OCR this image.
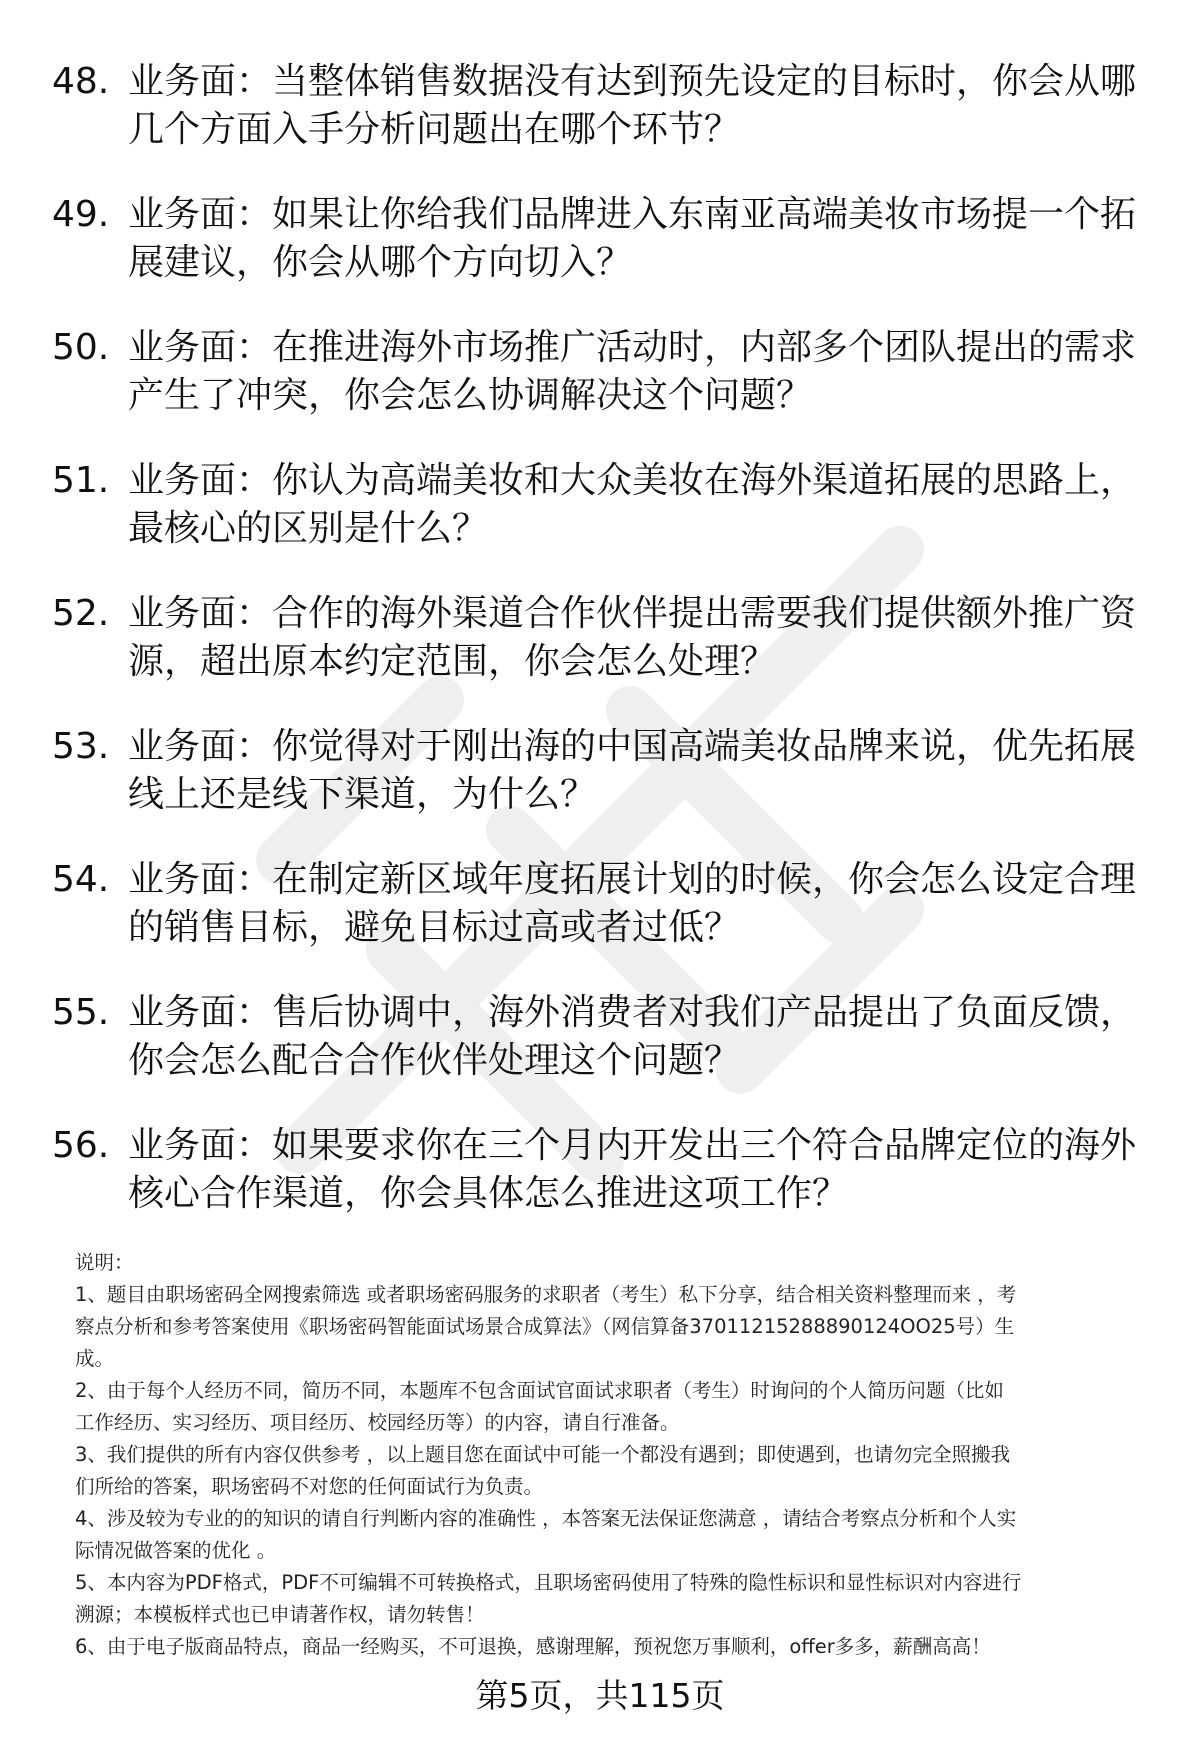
48. 业务面：当整体销售数据没有达到预先设定的目标时，你会从哪
几个方面入手分析问题出在哪个环节？
49. 业务面：如果让你给我们品牌进入东南亚高端美妆市场提一个拓
展建议，你会从哪个方向切入？
50. 业务面：在推进海外市场推广活动时，内部多个团队提出的需求
产生了冲突，你会怎么协调解决这个问题？
51. 业务面：你认为高端美妆和大众美妆在海外渠道拓展的思路上，
最核心的区别是什么？
52. 业务面：合作的海外渠道合作伙伴提出需要我们提供额外推广资
源，超出原本约定范围，你会怎么处理？
53. 业务面：你觉得对于刚出海的中国高端美妆品牌来说，优先拓展
线上还是线下渠道，为什么？
54. 业务面：在制定新区域年度拓展计划的时候，你会怎么设定合理
的销售目标，避免目标过高或者过低？
55. 业务面：售后协调中，海外消费者对我们产品提出了负面反馈，
你会怎么配合合作伙伴处理这个问题？
56. 业务面：如果要求你在三个月内开发出三个符合品牌定位的海外
核心合作渠道，你会具体怎么推进这项工作？
说明：
1、题目由职场密码全网搜索筛选 或者职场密码服务的求职者（考生）私下分享，结合相关资料整理而来 ，考
察点分析和参考答案使用《职场密码智能面试场景合成算法》（网信算备37011215288890124OO25号）生
成。
2、由于每个人经历不同，简历不同，本题库不包含面试官面试求职者（考生）时询问的个人简历问题（比如
工作经历、实习经历、项目经历、校园经历等）的内容，请自行准备。
3、我们提供的所有内容仅供参考 ，以上题目您在面试中可能一个都没有遇到；即使遇到，也请勿完全照搬我
们所给的答案，职场密码不对您的任何面试行为负责。
4、涉及较为专业的的知识的请自行判断内容的准确性 ，本答案无法保证您满意 ，请结合考察点分析和个人实
际情况做答案的优化 。
5、本内容为PDF格式，PDF不可编辑不可转换格式，且职场密码使用了特殊的隐性标识和显性标识对内容进行
溯源；本模板样式也已申请著作权，请勿转售！
6、由于电子版商品特点，商品一经购买，不可退换，感谢理解，预祝您万事顺利，offer多多，薪酬高高！
第5页，共115页
